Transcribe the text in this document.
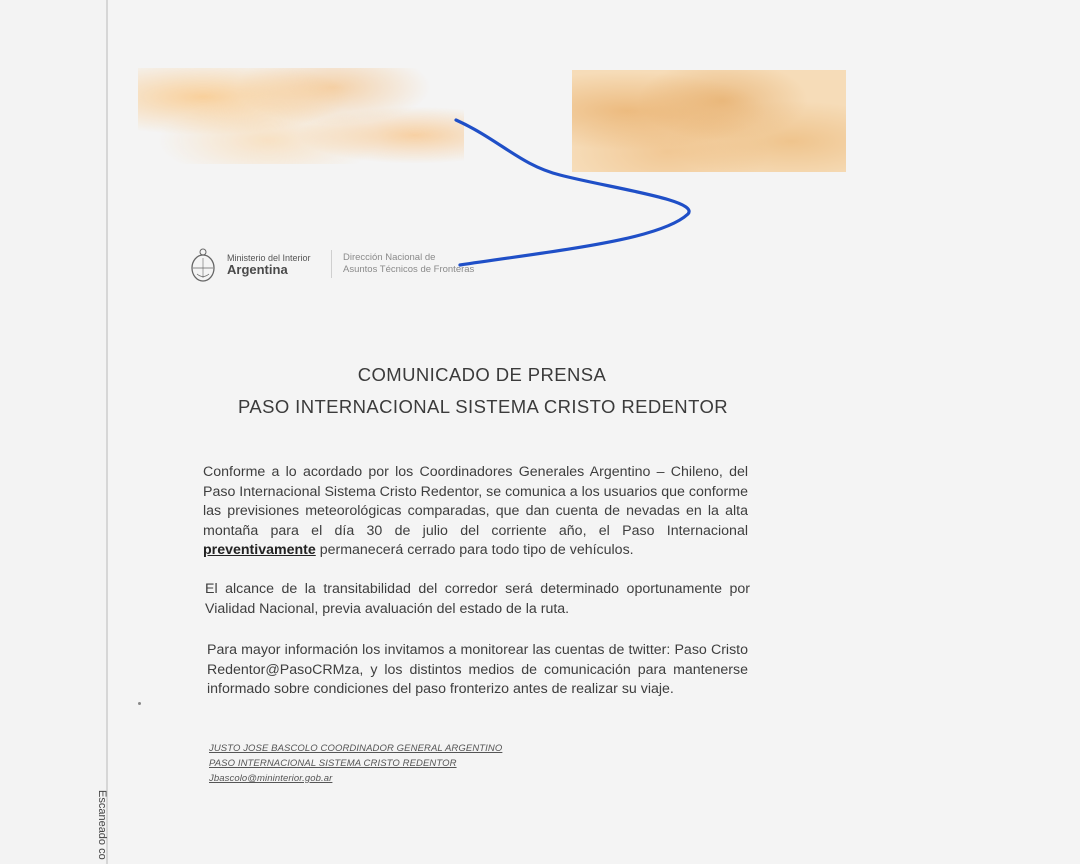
Escaneado co
Ministerio del Interior
Argentina
Dirección Nacional de
Asuntos Técnicos de Fronteras
COMUNICADO DE PRENSA
PASO INTERNACIONAL SISTEMA CRISTO REDENTOR
Conforme a lo acordado por los Coordinadores Generales Argentino – Chileno, del Paso Internacional Sistema Cristo Redentor, se comunica a los usuarios que conforme las previsiones meteorológicas comparadas, que dan cuenta de nevadas en la alta montaña para el día 30 de julio del corriente año, el Paso Internacional preventivamente permanecerá cerrado para todo tipo de vehículos.
El alcance de la transitabilidad del corredor será determinado oportunamente por Vialidad Nacional, previa avaluación del estado de la ruta.
Para mayor información los invitamos a monitorear las cuentas de twitter: Paso Cristo Redentor@PasoCRMza, y los distintos medios de comunicación para mantenerse informado sobre condiciones del paso fronterizo antes de realizar su viaje.
JUSTO JOSE BASCOLO COORDINADOR GENERAL ARGENTINO
PASO INTERNACIONAL SISTEMA CRISTO REDENTOR
Jbascolo@mininterior.gob.ar
